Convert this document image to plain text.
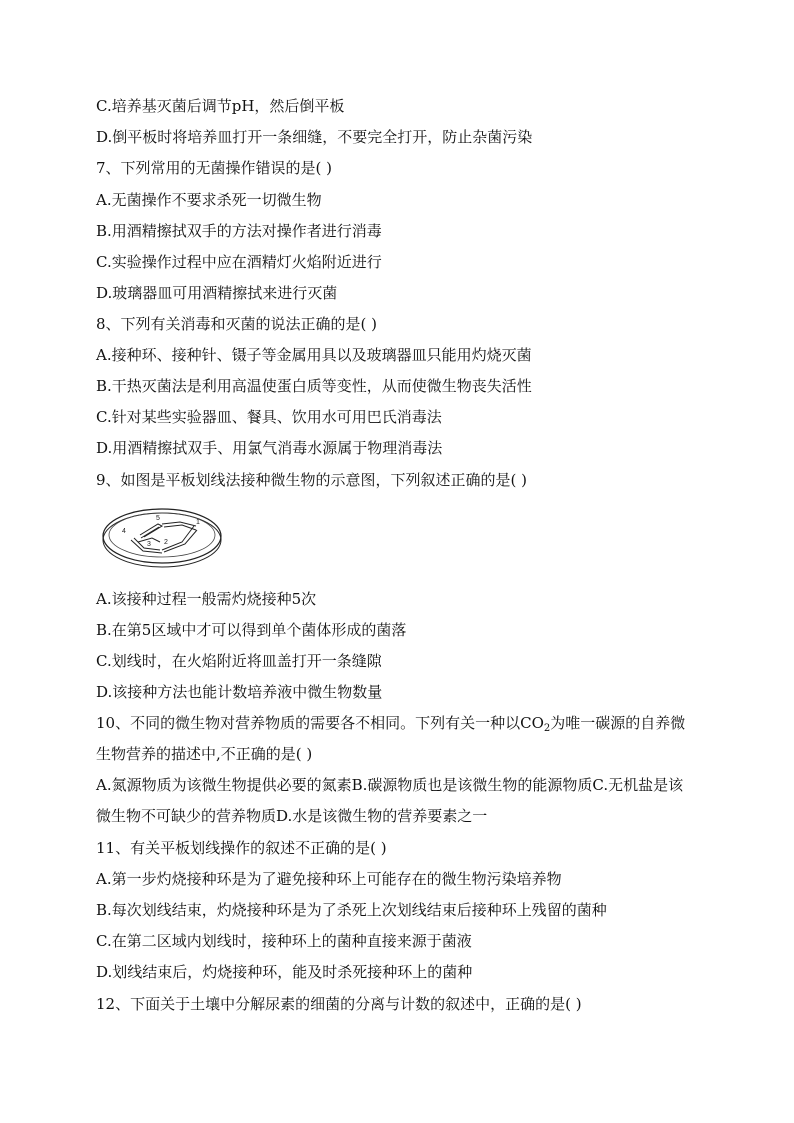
C.培养基灭菌后调节pH，然后倒平板
D.倒平板时将培养皿打开一条细缝，不要完全打开，防止杂菌污染
7、下列常用的无菌操作错误的是( )
A.无菌操作不要求杀死一切微生物
B.用酒精擦拭双手的方法对操作者进行消毒
C.实验操作过程中应在酒精灯火焰附近进行
D.玻璃器皿可用酒精擦拭来进行灭菌
8、下列有关消毒和灭菌的说法正确的是( )
A.接种环、接种针、镊子等金属用具以及玻璃器皿只能用灼烧灭菌
B.干热灭菌法是利用高温使蛋白质等变性，从而使微生物丧失活性
C.针对某些实验器皿、餐具、饮用水可用巴氏消毒法
D.用酒精擦拭双手、用氯气消毒水源属于物理消毒法
9、如图是平板划线法接种微生物的示意图，下列叙述正确的是( )
4
5
1
2
3
A.该接种过程一般需灼烧接种5次
B.在第5区域中才可以得到单个菌体形成的菌落
C.划线时，在火焰附近将皿盖打开一条缝隙
D.该接种方法也能计数培养液中微生物数量
10、不同的微生物对营养物质的需要各不相同。下列有关一种以$CO_2$为唯一碳源的自养微生物营养的描述中,不正确的是( )
A.氮源物质为该微生物提供必要的氮素B.碳源物质也是该微生物的能源物质C.无机盐是该微生物不可缺少的营养物质D.水是该微生物的营养要素之一
11、有关平板划线操作的叙述不正确的是( )
A.第一步灼烧接种环是为了避免接种环上可能存在的微生物污染培养物
B.每次划线结束，灼烧接种环是为了杀死上次划线结束后接种环上残留的菌种
C.在第二区域内划线时，接种环上的菌种直接来源于菌液
D.划线结束后，灼烧接种环，能及时杀死接种环上的菌种
12、下面关于土壤中分解尿素的细菌的分离与计数的叙述中，正确的是( )
